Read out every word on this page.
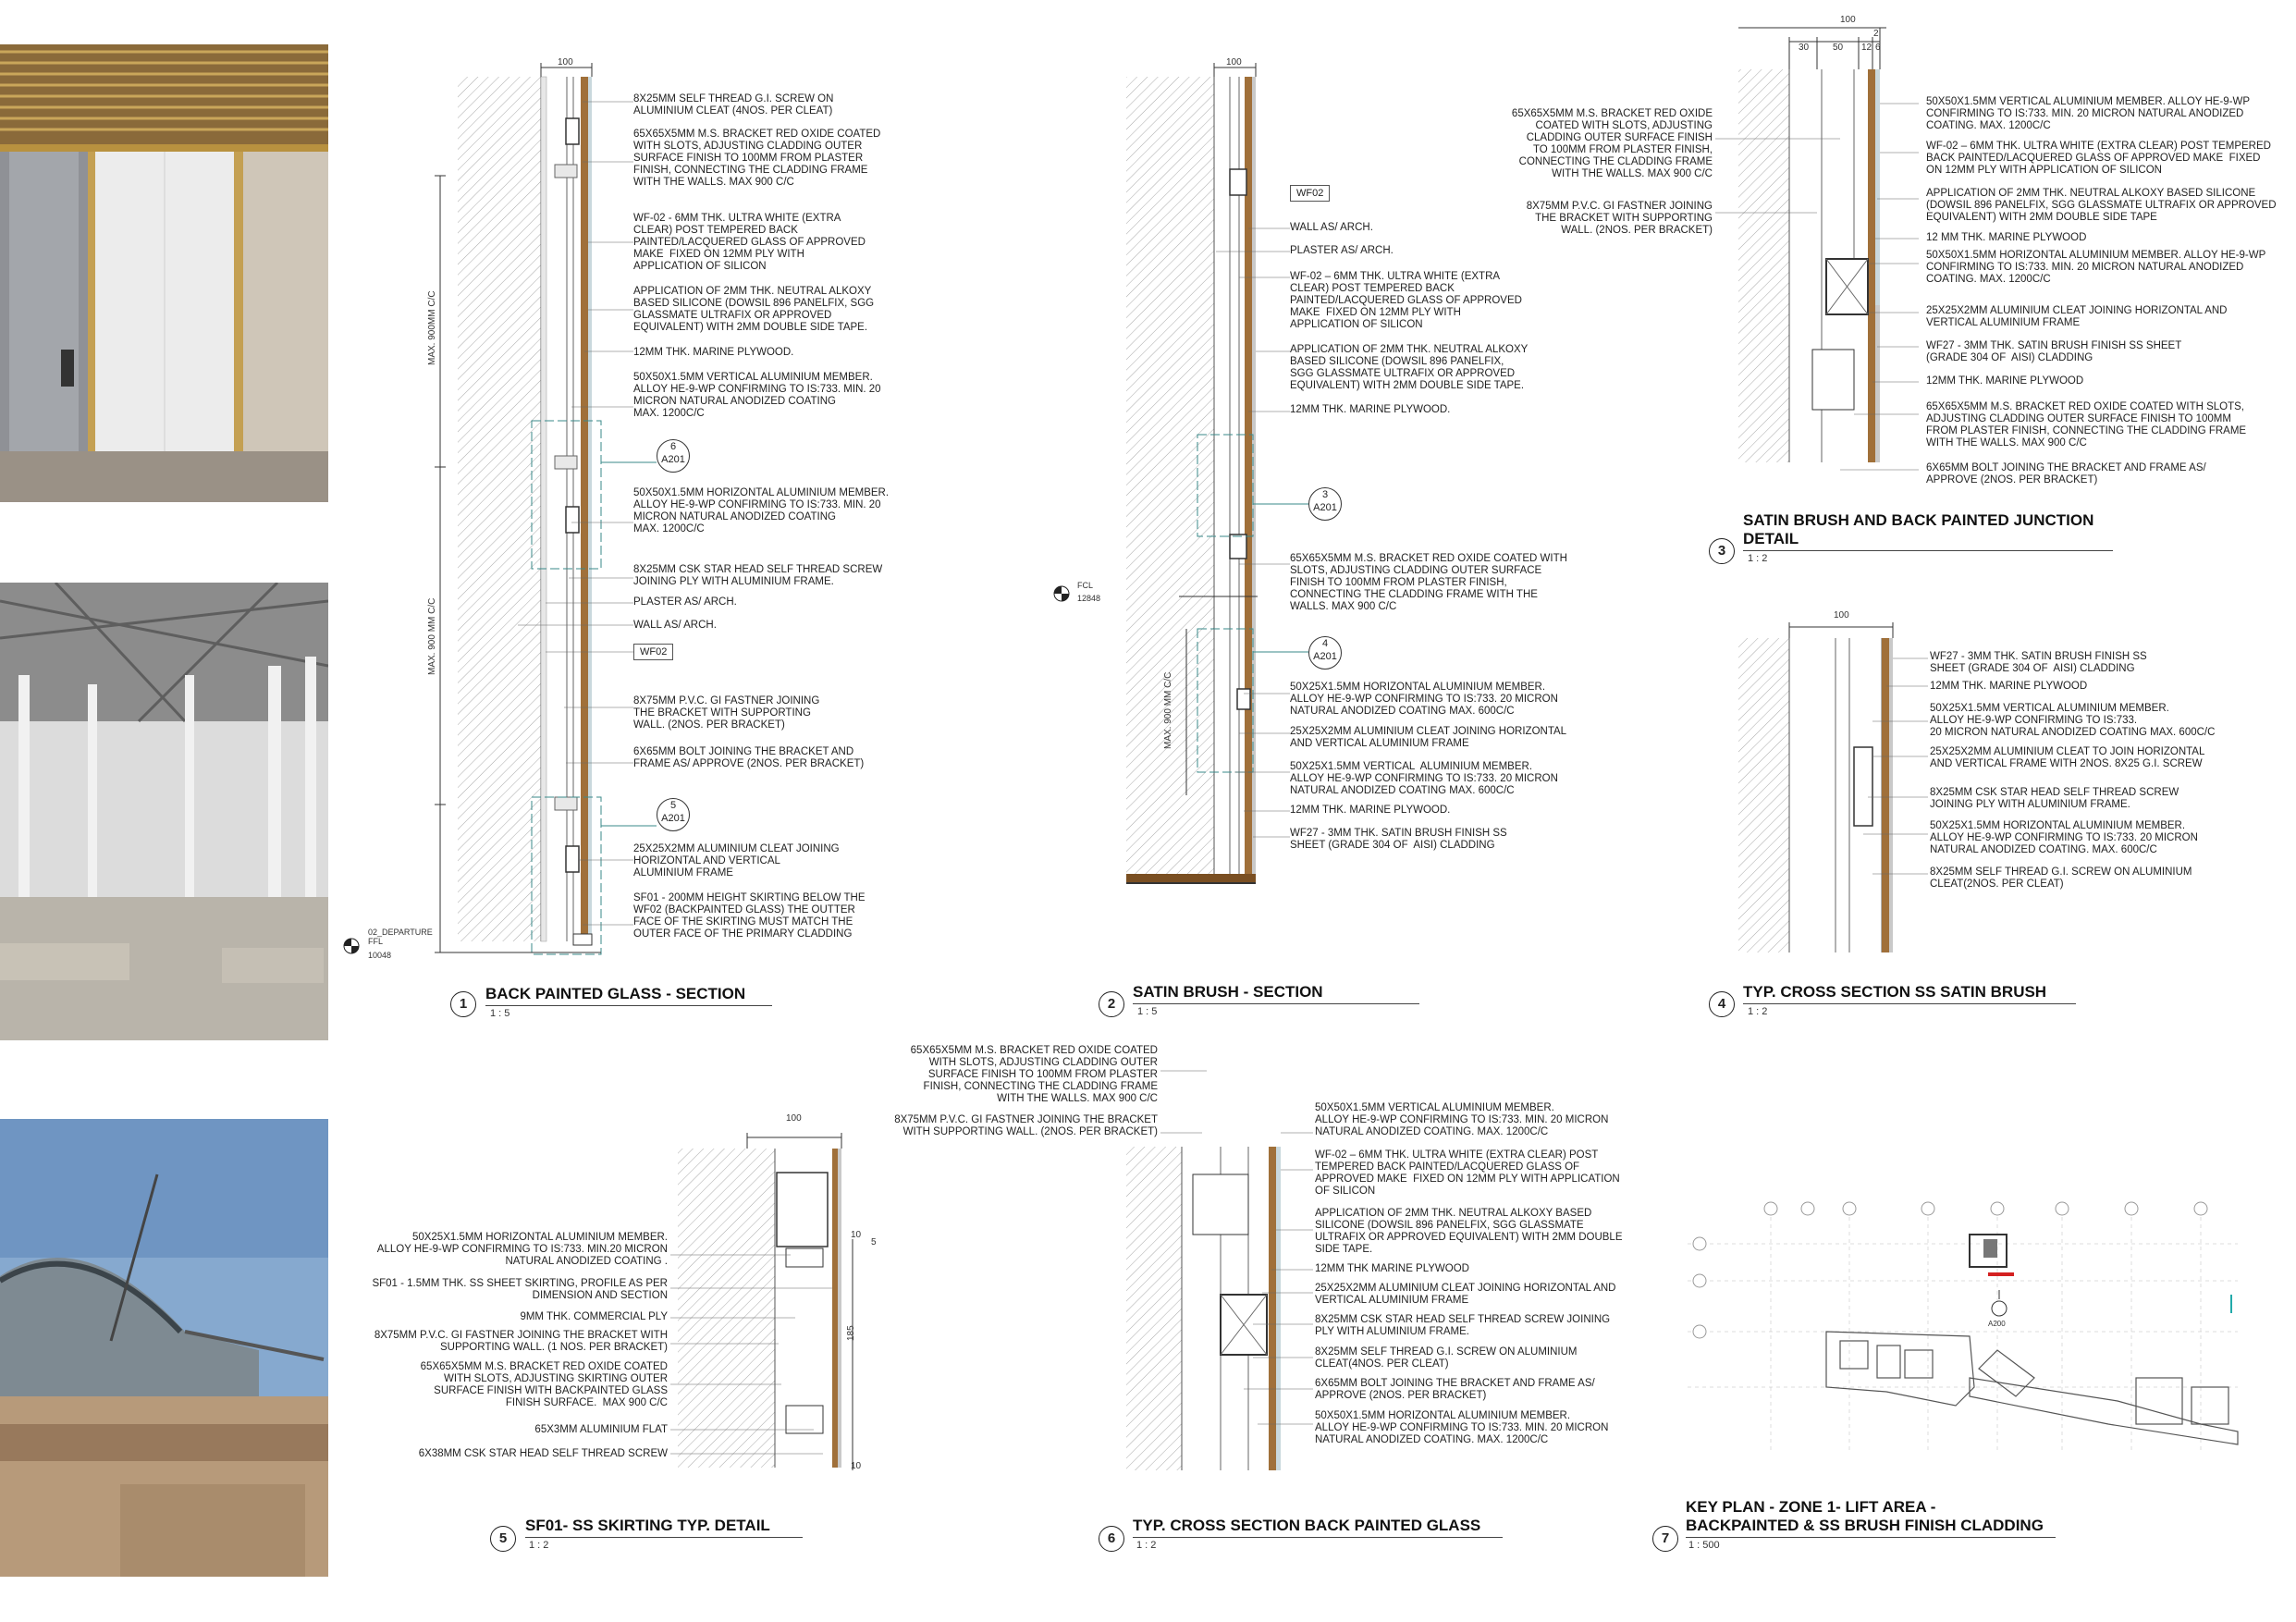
8X25MM SELF THREAD G.I. SCREW ON
ALUMINIUM CLEAT (4NOS. PER CLEAT)
65X65X5MM M.S. BRACKET RED OXIDE COATED
WITH SLOTS, ADJUSTING CLADDING OUTER
SURFACE FINISH TO 100MM FROM PLASTER
FINISH, CONNECTING THE CLADDING FRAME
WITH THE WALLS. MAX 900 C/C
WF-02 - 6MM THK. ULTRA WHITE (EXTRA
CLEAR) POST TEMPERED BACK
PAINTED/LACQUERED GLASS OF APPROVED
MAKE  FIXED ON 12MM PLY WITH
APPLICATION OF SILICON
APPLICATION OF 2MM THK. NEUTRAL ALKOXY
BASED SILICONE (DOWSIL 896 PANELFIX, SGG
GLASSMATE ULTRAFIX OR APPROVED
EQUIVALENT) WITH 2MM DOUBLE SIDE TAPE.
12MM THK. MARINE PLYWOOD.
50X50X1.5MM VERTICAL ALUMINIUM MEMBER.
ALLOY HE-9-WP CONFIRMING TO IS:733. MIN. 20
MICRON NATURAL ANODIZED COATING
MAX. 1200C/C
50X50X1.5MM HORIZONTAL ALUMINIUM MEMBER.
ALLOY HE-9-WP CONFIRMING TO IS:733. MIN. 20
MICRON NATURAL ANODIZED COATING
MAX. 1200C/C
8X25MM CSK STAR HEAD SELF THREAD SCREW
JOINING PLY WITH ALUMINIUM FRAME.
PLASTER AS/ ARCH.
WALL AS/ ARCH.
8X75MM P.V.C. GI FASTNER JOINING
THE BRACKET WITH SUPPORTING
WALL. (2NOS. PER BRACKET)
6X65MM BOLT JOINING THE BRACKET AND
FRAME AS/ APPROVE (2NOS. PER BRACKET)
25X25X2MM ALUMINIUM CLEAT JOINING
HORIZONTAL AND VERTICAL
ALUMINIUM FRAME
SF01 - 200MM HEIGHT SKIRTING BELOW THE
WF02 (BACKPAINTED GLASS) THE OUTTER
FACE OF THE SKIRTING MUST MATCH THE
OUTER FACE OF THE PRIMARY CLADDING
100
MAX. 900MM C/C
MAX. 900 MM C/C	WF02
02_DEPARTURE
FFL
10048
6
A201
5
A201
1
BACK PAINTED GLASS - SECTION
1 : 5
WF02
WALL AS/ ARCH.
PLASTER AS/ ARCH.
WF-02 – 6MM THK. ULTRA WHITE (EXTRA
CLEAR) POST TEMPERED BACK
PAINTED/LACQUERED GLASS OF APPROVED
MAKE  FIXED ON 12MM PLY WITH
APPLICATION OF SILICON
APPLICATION OF 2MM THK. NEUTRAL ALKOXY
BASED SILICONE (DOWSIL 896 PANELFIX,
SGG GLASSMATE ULTRAFIX OR APPROVED
EQUIVALENT) WITH 2MM DOUBLE SIDE TAPE.
12MM THK. MARINE PLYWOOD.
65X65X5MM M.S. BRACKET RED OXIDE COATED WITH
SLOTS, ADJUSTING CLADDING OUTER SURFACE
FINISH TO 100MM FROM PLASTER FINISH,
CONNECTING THE CLADDING FRAME WITH THE
WALLS. MAX 900 C/C
50X25X1.5MM HORIZONTAL ALUMINIUM MEMBER.
ALLOY HE-9-WP CONFIRMING TO IS:733. 20 MICRON
NATURAL ANODIZED COATING MAX. 600C/C
25X25X2MM ALUMINIUM CLEAT JOINING HORIZONTAL
AND VERTICAL ALUMINIUM FRAME
50X25X1.5MM VERTICAL  ALUMINIUM MEMBER.
ALLOY HE-9-WP CONFIRMING TO IS:733. 20 MICRON
NATURAL ANODIZED COATING MAX. 600C/C
12MM THK. MARINE PLYWOOD.
WF27 - 3MM THK. SATIN BRUSH FINISH SS
SHEET (GRADE 304 OF  AISI) CLADDING
100
MAX. 900 MM C/C
FCL
12848
3
A201
4
A201
2
SATIN BRUSH - SECTION
1 : 5
65X65X5MM M.S. BRACKET RED OXIDE
COATED WITH SLOTS, ADJUSTING
CLADDING OUTER SURFACE FINISH
TO 100MM FROM PLASTER FINISH,
CONNECTING THE CLADDING FRAME
WITH THE WALLS. MAX 900 C/C
8X75MM P.V.C. GI FASTNER JOINING
THE BRACKET WITH SUPPORTING
WALL. (2NOS. PER BRACKET)
50X50X1.5MM VERTICAL ALUMINIUM MEMBER. ALLOY HE-9-WP
CONFIRMING TO IS:733. MIN. 20 MICRON NATURAL ANODIZED
COATING. MAX. 1200C/C
WF-02 – 6MM THK. ULTRA WHITE (EXTRA CLEAR) POST TEMPERED
BACK PAINTED/LACQUERED GLASS OF APPROVED MAKE  FIXED
ON 12MM PLY WITH APPLICATION OF SILICON
APPLICATION OF 2MM THK. NEUTRAL ALKOXY BASED SILICONE
(DOWSIL 896 PANELFIX, SGG GLASSMATE ULTRAFIX OR APPROVED
EQUIVALENT) WITH 2MM DOUBLE SIDE TAPE
12 MM THK. MARINE PLYWOOD
50X50X1.5MM HORIZONTAL ALUMINIUM MEMBER. ALLOY HE-9-WP
CONFIRMING TO IS:733. MIN. 20 MICRON NATURAL ANODIZED
COATING. MAX. 1200C/C
25X25X2MM ALUMINIUM CLEAT JOINING HORIZONTAL AND
VERTICAL ALUMINIUM FRAME
WF27 - 3MM THK. SATIN BRUSH FINISH SS SHEET
(GRADE 304 OF  AISI) CLADDING
12MM THK. MARINE PLYWOOD
65X65X5MM M.S. BRACKET RED OXIDE COATED WITH SLOTS,
ADJUSTING CLADDING OUTER SURFACE FINISH TO 100MM
FROM PLASTER FINISH, CONNECTING THE CLADDING FRAME
WITH THE WALLS. MAX 900 C/C
6X65MM BOLT JOINING THE BRACKET AND FRAME AS/
APPROVE (2NOS. PER BRACKET)
100
30	50 12 6
2
3
SATIN BRUSH AND BACK PAINTED JUNCTION
DETAIL
1 : 2
WF27 - 3MM THK. SATIN BRUSH FINISH SS
SHEET (GRADE 304 OF  AISI) CLADDING
12MM THK. MARINE PLYWOOD
50X25X1.5MM VERTICAL ALUMINIUM MEMBER.
ALLOY HE-9-WP CONFIRMING TO IS:733.
20 MICRON NATURAL ANODIZED COATING MAX. 600C/C
25X25X2MM ALUMINIUM CLEAT TO JOIN HORIZONTAL
AND VERTICAL FRAME WITH 2NOS. 8X25 G.I. SCREW
8X25MM CSK STAR HEAD SELF THREAD SCREW
JOINING PLY WITH ALUMINIUM FRAME.
50X25X1.5MM HORIZONTAL ALUMINIUM MEMBER.
ALLOY HE-9-WP CONFIRMING TO IS:733. 20 MICRON
NATURAL ANODIZED COATING. MAX. 600C/C
8X25MM SELF THREAD G.I. SCREW ON ALUMINIUM
CLEAT(2NOS. PER CLEAT)
100
4
TYP. CROSS SECTION SS SATIN BRUSH
1 : 2
50X25X1.5MM HORIZONTAL ALUMINIUM MEMBER.
ALLOY HE-9-WP CONFIRMING TO IS:733. MIN.20 MICRON
NATURAL ANODIZED COATING .
SF01 - 1.5MM THK. SS SHEET SKIRTING, PROFILE AS PER
DIMENSION AND SECTION
9MM THK. COMMERCIAL PLY
8X75MM P.V.C. GI FASTNER JOINING THE BRACKET WITH
SUPPORTING WALL. (1 NOS. PER BRACKET)
65X65X5MM M.S. BRACKET RED OXIDE COATED
WITH SLOTS, ADJUSTING SKIRTING OUTER
SURFACE FINISH WITH BACKPAINTED GLASS
FINISH SURFACE.  MAX 900 C/C
65X3MM ALUMINIUM FLAT
6X38MM CSK STAR HEAD SELF THREAD SCREW
100
10
5
185
10
5
SF01- SS SKIRTING TYP. DETAIL
1 : 2
65X65X5MM M.S. BRACKET RED OXIDE COATED
WITH SLOTS, ADJUSTING CLADDING OUTER
SURFACE FINISH TO 100MM FROM PLASTER
FINISH, CONNECTING THE CLADDING FRAME
WITH THE WALLS. MAX 900 C/C
8X75MM P.V.C. GI FASTNER JOINING THE BRACKET
WITH SUPPORTING WALL. (2NOS. PER BRACKET)
50X50X1.5MM VERTICAL ALUMINIUM MEMBER.
ALLOY HE-9-WP CONFIRMING TO IS:733. MIN. 20 MICRON
NATURAL ANODIZED COATING. MAX. 1200C/C
WF-02 – 6MM THK. ULTRA WHITE (EXTRA CLEAR) POST
TEMPERED BACK PAINTED/LACQUERED GLASS OF
APPROVED MAKE  FIXED ON 12MM PLY WITH APPLICATION
OF SILICON
APPLICATION OF 2MM THK. NEUTRAL ALKOXY BASED
SILICONE (DOWSIL 896 PANELFIX, SGG GLASSMATE
ULTRAFIX OR APPROVED EQUIVALENT) WITH 2MM DOUBLE
SIDE TAPE.
12MM THK MARINE PLYWOOD
25X25X2MM ALUMINIUM CLEAT JOINING HORIZONTAL AND
VERTICAL ALUMINIUM FRAME
8X25MM CSK STAR HEAD SELF THREAD SCREW JOINING
PLY WITH ALUMINIUM FRAME.
8X25MM SELF THREAD G.I. SCREW ON ALUMINIUM
CLEAT(4NOS. PER CLEAT)
6X65MM BOLT JOINING THE BRACKET AND FRAME AS/
APPROVE (2NOS. PER BRACKET)
50X50X1.5MM HORIZONTAL ALUMINIUM MEMBER.
ALLOY HE-9-WP CONFIRMING TO IS:733. MIN. 20 MICRON
NATURAL ANODIZED COATING. MAX. 1200C/C
6
TYP. CROSS SECTION BACK PAINTED GLASS
1 : 2
A200
7
KEY PLAN - ZONE 1- LIFT AREA -
BACKPAINTED & SS BRUSH FINISH CLADDING
1 : 500
